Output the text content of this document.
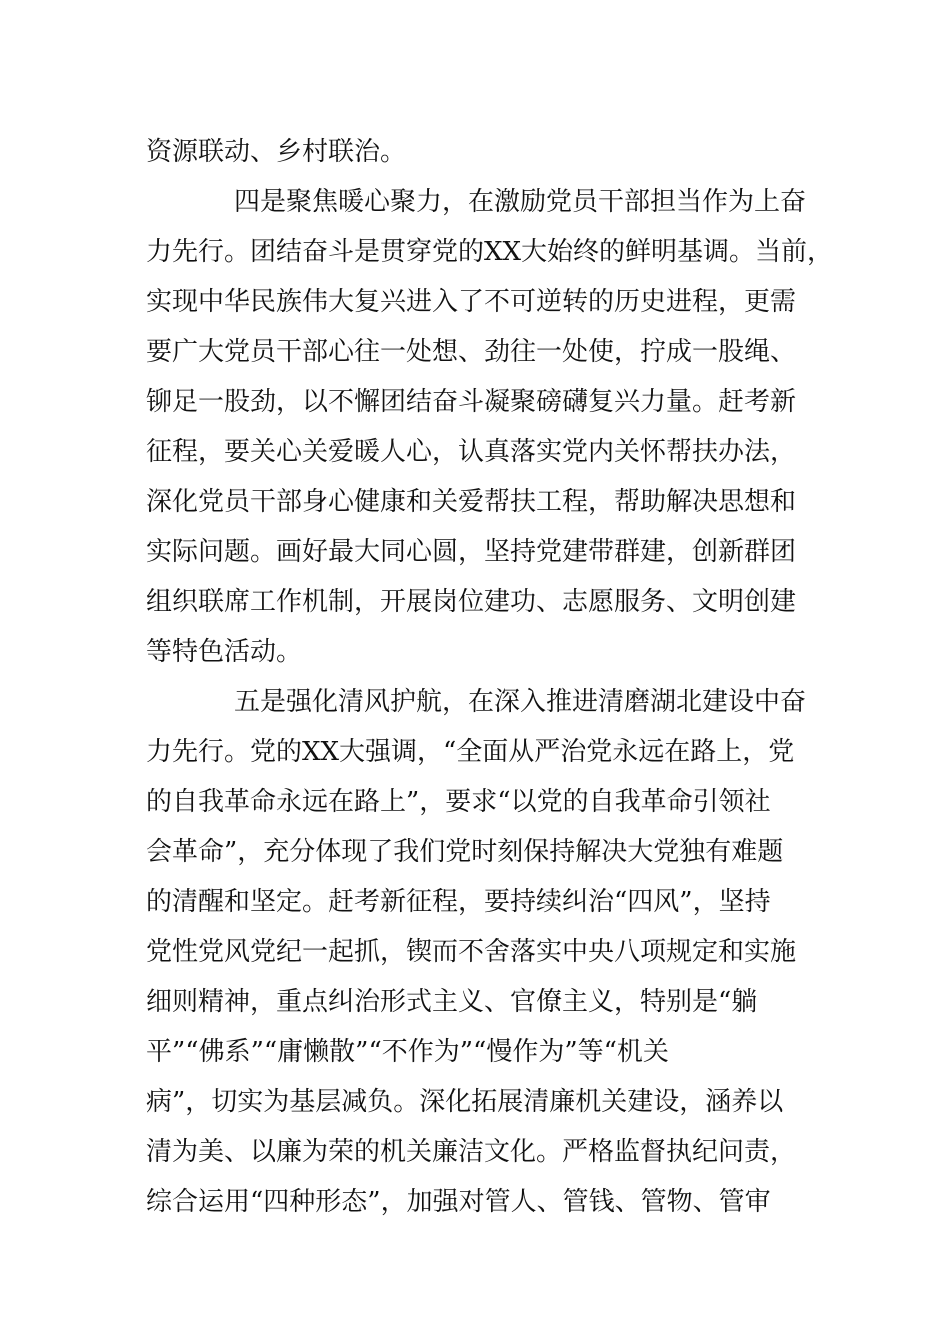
资源联动、乡村联治。

四是聚焦暖心聚力，在激励党员干部担当作为上奋

力先行。团结奋斗是贯穿党的XX大始终的鲜明基调。当前，

实现中华民族伟大复兴进入了不可逆转的历史进程，更需

要广大党员干部心往一处想、劲往一处使，拧成一股绳、

铆足一股劲，以不懈团结奋斗凝聚磅礴复兴力量。赶考新

征程，要关心关爱暖人心，认真落实党内关怀帮扶办法，

深化党员干部身心健康和关爱帮扶工程，帮助解决思想和

实际问题。画好最大同心圆，坚持党建带群建，创新群团

组织联席工作机制，开展岗位建功、志愿服务、文明创建

等特色活动。

五是强化清风护航，在深入推进清磨湖北建设中奋

力先行。党的XX大强调，“全面从严治党永远在路上，党

的自我革命永远在路上”，要求“以党的自我革命引领社

会革命”，充分体现了我们党时刻保持解决大党独有难题

的清醒和坚定。赶考新征程，要持续纠治“四风”，坚持

党性党风党纪一起抓，锲而不舍落实中央八项规定和实施

细则精神，重点纠治形式主义、官僚主义，特别是“躺

平”“佛系”“庸懒散”“不作为”“慢作为”等“机关

病”，切实为基层减负。深化拓展清廉机关建设，涵养以

清为美、以廉为荣的机关廉洁文化。严格监督执纪问责，

综合运用“四种形态”，加强对管人、管钱、管物、管审
